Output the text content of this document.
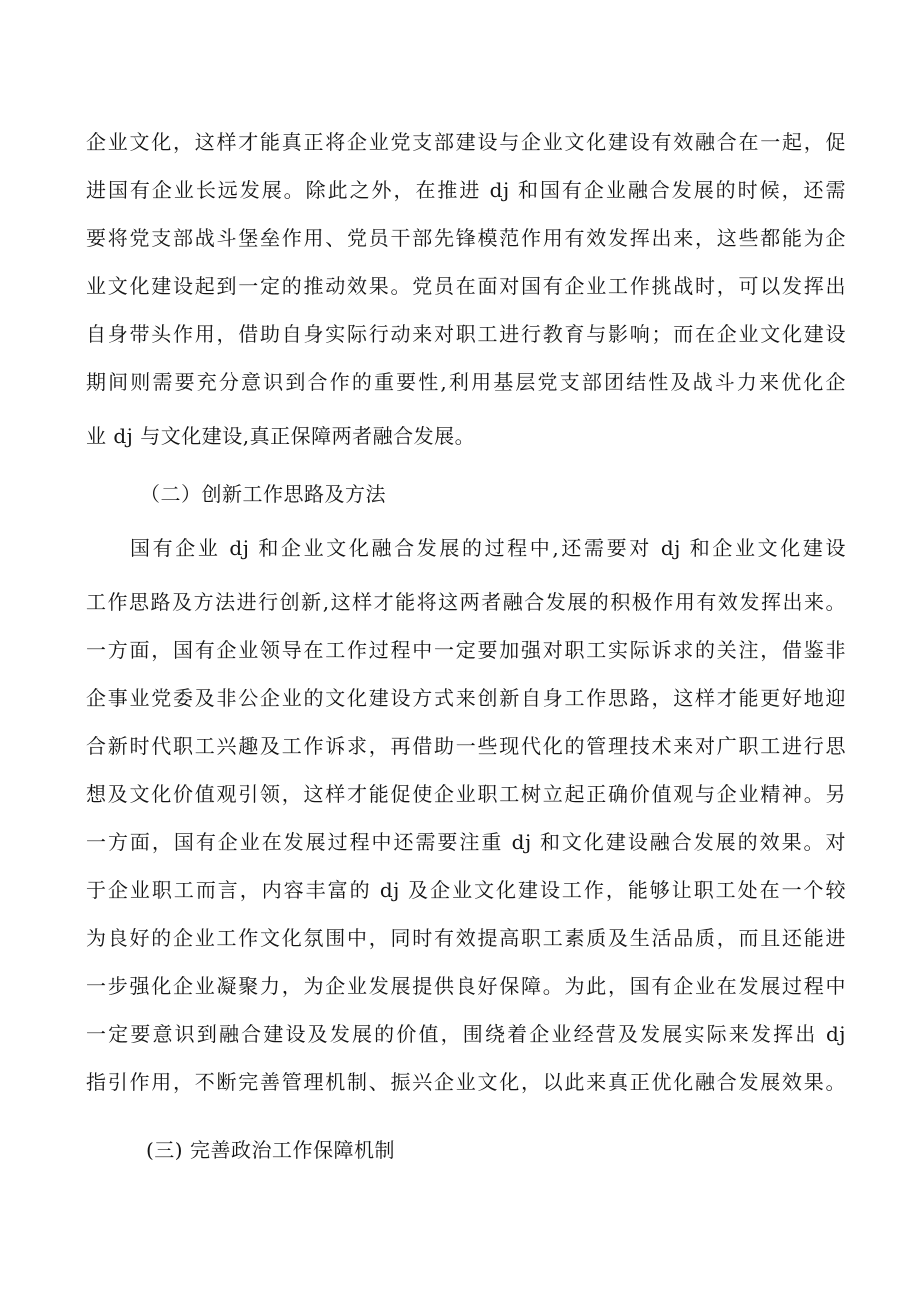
企业文化，这样才能真正将企业党支部建设与企业文化建设有效融合在一起，促
进国有企业长远发展。除此之外，在推进 dj 和国有企业融合发展的时候，还需
要将党支部战斗堡垒作用、党员干部先锋模范作用有效发挥出来，这些都能为企
业文化建设起到一定的推动效果。党员在面对国有企业工作挑战时，可以发挥出
自身带头作用，借助自身实际行动来对职工进行教育与影响；而在企业文化建设
期间则需要充分意识到合作的重要性,利用基层党支部团结性及战斗力来优化企
业 dj 与文化建设,真正保障两者融合发展。
（二）创新工作思路及方法
国有企业 dj 和企业文化融合发展的过程中,还需要对 dj 和企业文化建设
工作思路及方法进行创新,这样才能将这两者融合发展的积极作用有效发挥出来。
一方面，国有企业领导在工作过程中一定要加强对职工实际诉求的关注，借鉴非
企事业党委及非公企业的文化建设方式来创新自身工作思路，这样才能更好地迎
合新时代职工兴趣及工作诉求，再借助一些现代化的管理技术来对广职工进行思
想及文化价值观引领，这样才能促使企业职工树立起正确价值观与企业精神。另
一方面，国有企业在发展过程中还需要注重 dj 和文化建设融合发展的效果。对
于企业职工而言，内容丰富的 dj 及企业文化建设工作，能够让职工处在一个较
为良好的企业工作文化氛围中，同时有效提高职工素质及生活品质，而且还能进
一步强化企业凝聚力，为企业发展提供良好保障。为此，国有企业在发展过程中
一定要意识到融合建设及发展的价值，围绕着企业经营及发展实际来发挥出 dj
指引作用，不断完善管理机制、振兴企业文化，以此来真正优化融合发展效果。
(三) 完善政治工作保障机制
